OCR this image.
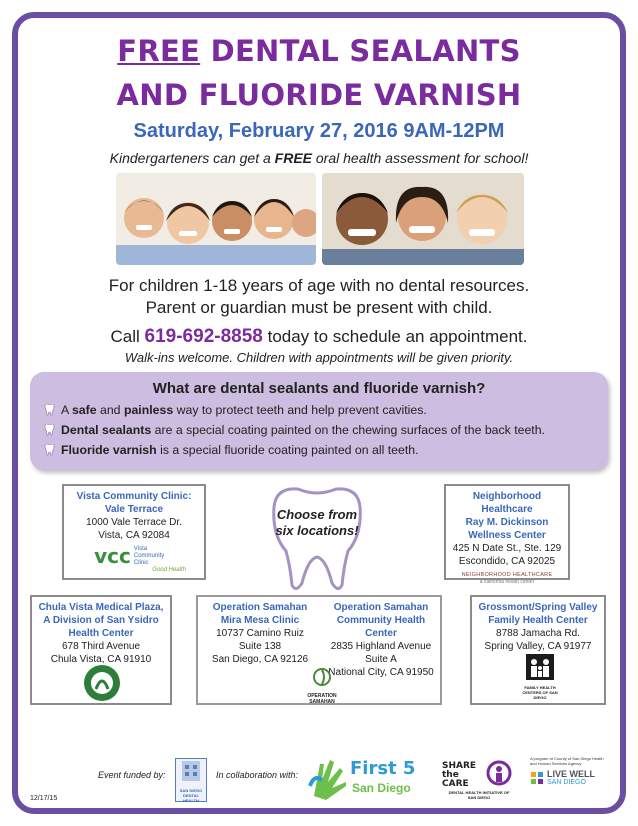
FREE DENTAL SEALANTS
AND FLUORIDE VARNISH
Saturday, February 27, 2016 9AM-12PM
Kindergarteners can get a FREE oral health assessment for school!
For children 1-18 years of age with no dental resources.
Parent or guardian must be present with child.
Call 619-692-8858 today to schedule an appointment.
Walk-ins welcome. Children with appointments will be given priority.
What are dental sealants and fluoride varnish?
A safe and painless way to protect teeth and help prevent cavities.
Dental sealants are a special coating painted on the chewing surfaces of the back teeth.
Fluoride varnish is a special fluoride coating painted on all teeth.
Choose from
six locations!
Vista Community Clinic:
Vale Terrace
1000 Vale Terrace Dr.
Vista, CA 92084
vcc Vista Community Clinic
Good Health
Neighborhood Healthcare
Ray M. Dickinson
Wellness Center
425 N Date St., Ste. 129
Escondido, CA 92025
NEIGHBORHOOD HEALTHCARE
a california health center
Chula Vista Medical Plaza,
A Division of San Ysidro
Health Center
678 Third Avenue
Chula Vista, CA 91910
Operation Samahan
Mira Mesa Clinic
10737 Camino Ruiz
Suite 138
San Diego, CA 92126
Operation Samahan
Community Health Center
2835 Highland Avenue
Suite A
National City, CA 91950
OPERATION SAMAHAN
Grossmont/Spring Valley
Family Health Center
8788 Jamacha Rd.
Spring Valley, CA 91977
FAMILY HEALTH CENTERS OF SAN DIEGO
Event funded by:
SAN DIEGO DENTAL HEALTH
In collaboration with:	First 5
San Diego
SHARE the CARE
DENTAL HEALTH INITIATIVE OF SAN DIEGO
A program of County of San Diego Health and Human Services Agency
LIVE WELL
SAN DIEGO
12/17/15
